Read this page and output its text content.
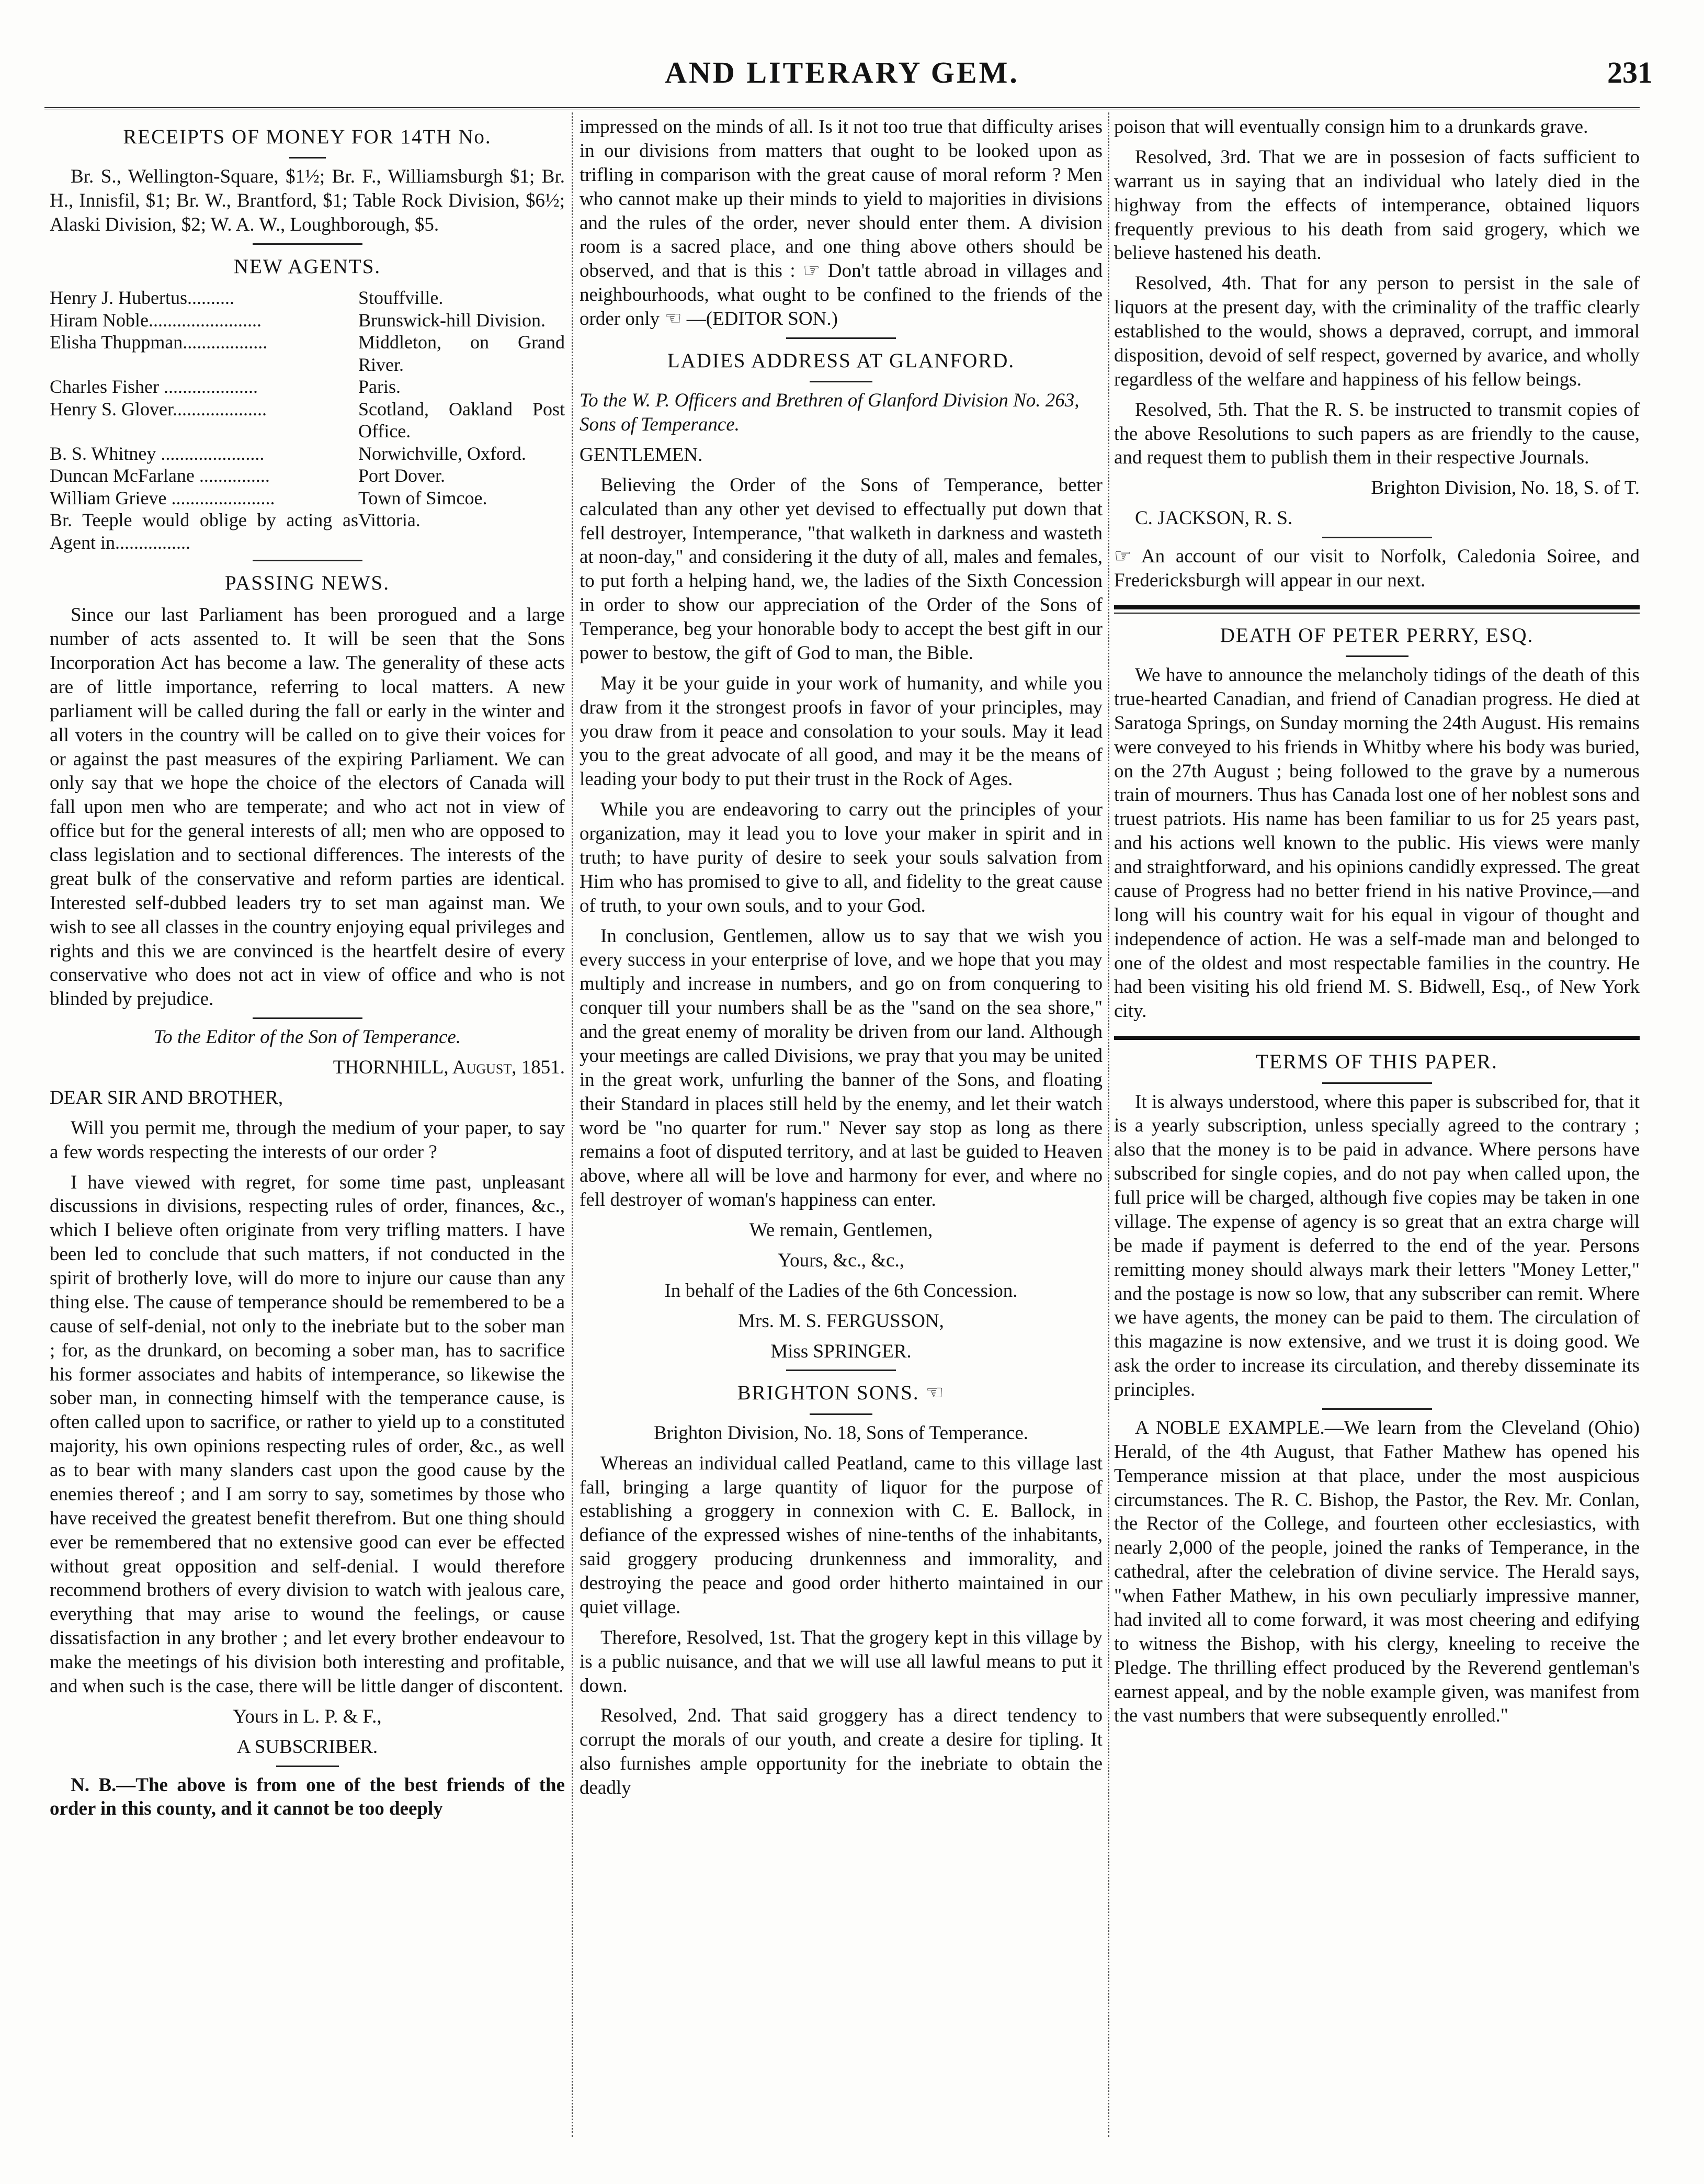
AND LITERARY GEM.	231
RECEIPTS OF MONEY FOR 14TH No.

Br. S., Wellington-Square, $1½; Br. F., Williamsburgh $1; Br. H., Innisfil, $1; Br. W., Brantford, $1; Table Rock Division, $6½; Alaski Division, $2; W. A. W., Loughborough, $5.

NEW AGENTS.
Henry J. Hubertus..........	Stouffville.
Hiram Noble........................	Brunswick-hill Division.
Elisha Thuppman..................	Middleton, on Grand River.
Charles Fisher ....................	Paris.
Henry S. Glover....................	Scotland, Oakland Post Office.
B. S. Whitney ......................	Norwichville, Oxford.
Duncan McFarlane ...............	Port Dover.
William Grieve ......................	Town of Simcoe.
Br. Teeple would oblige by acting as Agent in................	Vittoria.
PASSING NEWS.

Since our last Parliament has been prorogued and a large number of acts assented to. It will be seen that the Sons Incorporation Act has become a law. The generality of these acts are of little importance, referring to local matters. A new parliament will be called during the fall or early in the winter and all voters in the country will be called on to give their voices for or against the past measures of the expiring Parliament. We can only say that we hope the choice of the electors of Canada will fall upon men who are temperate; and who act not in view of office but for the general interests of all; men who are opposed to class legislation and to sectional differences. The interests of the great bulk of the conservative and reform parties are identical. Interested self-dubbed leaders try to set man against man. We wish to see all classes in the country enjoying equal privileges and rights and this we are convinced is the heartfelt desire of every conservative who does not act in view of office and who is not blinded by prejudice.

To the Editor of the Son of Temperance.

THORNHILL, August, 1851.

DEAR SIR AND BROTHER,

Will you permit me, through the medium of your paper, to say a few words respecting the interests of our order ?

I have viewed with regret, for some time past, unpleasant discussions in divisions, respecting rules of order, finances, &c., which I believe often originate from very trifling matters. I have been led to conclude that such matters, if not conducted in the spirit of brotherly love, will do more to injure our cause than any thing else. The cause of temperance should be remembered to be a cause of self-denial, not only to the inebriate but to the sober man ; for, as the drunkard, on becoming a sober man, has to sacrifice his former associates and habits of intemperance, so likewise the sober man, in connecting himself with the temperance cause, is often called upon to sacrifice, or rather to yield up to a constituted majority, his own opinions respecting rules of order, &c., as well as to bear with many slanders cast upon the good cause by the enemies thereof ; and I am sorry to say, sometimes by those who have received the greatest benefit therefrom. But one thing should ever be remembered that no extensive good can ever be effected without great opposition and self-denial. I would therefore recommend brothers of every division to watch with jealous care, everything that may arise to wound the feelings, or cause dissatisfaction in any brother ; and let every brother endeavour to make the meetings of his division both interesting and profitable, and when such is the case, there will be little danger of discontent.

Yours in L. P. & F.,

A SUBSCRIBER.

N. B.—The above is from one of the best friends of the order in this county, and it cannot be too deeply

impressed on the minds of all. Is it not too true that difficulty arises in our divisions from matters that ought to be looked upon as trifling in comparison with the great cause of moral reform ? Men who cannot make up their minds to yield to majorities in divisions and the rules of the order, never should enter them. A division room is a sacred place, and one thing above others should be observed, and that is this : ☞ Don't tattle abroad in villages and neighbourhoods, what ought to be confined to the friends of the order only ☜ —(EDITOR SON.)

LADIES ADDRESS AT GLANFORD.

To the W. P. Officers and Brethren of Glanford Division No. 263, Sons of Temperance.

GENTLEMEN.

Believing the Order of the Sons of Temperance, better calculated than any other yet devised to effectually put down that fell destroyer, Intemperance, "that walketh in darkness and wasteth at noon-day," and considering it the duty of all, males and females, to put forth a helping hand, we, the ladies of the Sixth Concession in order to show our appreciation of the Order of the Sons of Temperance, beg your honorable body to accept the best gift in our power to bestow, the gift of God to man, the Bible.

May it be your guide in your work of humanity, and while you draw from it the strongest proofs in favor of your principles, may you draw from it peace and consolation to your souls. May it lead you to the great advocate of all good, and may it be the means of leading your body to put their trust in the Rock of Ages.

While you are endeavoring to carry out the principles of your organization, may it lead you to love your maker in spirit and in truth; to have purity of desire to seek your souls salvation from Him who has promised to give to all, and fidelity to the great cause of truth, to your own souls, and to your God.

In conclusion, Gentlemen, allow us to say that we wish you every success in your enterprise of love, and we hope that you may multiply and increase in numbers, and go on from conquering to conquer till your numbers shall be as the "sand on the sea shore," and the great enemy of morality be driven from our land. Although your meetings are called Divisions, we pray that you may be united in the great work, unfurling the banner of the Sons, and floating their Standard in places still held by the enemy, and let their watch word be "no quarter for rum." Never say stop as long as there remains a foot of disputed territory, and at last be guided to Heaven above, where all will be love and harmony for ever, and where no fell destroyer of woman's happiness can enter.

We remain, Gentlemen,

Yours, &c., &c.,

In behalf of the Ladies of the 6th Concession.

Mrs. M. S. FERGUSSON,

Miss SPRINGER.

BRIGHTON SONS. ☜

Brighton Division, No. 18, Sons of Temperance.

Whereas an individual called Peatland, came to this village last fall, bringing a large quantity of liquor for the purpose of establishing a groggery in connexion with C. E. Ballock, in defiance of the expressed wishes of nine-tenths of the inhabitants, said groggery producing drunkenness and immorality, and destroying the peace and good order hitherto maintained in our quiet village.

Therefore, Resolved, 1st. That the grogery kept in this village by is a public nuisance, and that we will use all lawful means to put it down.

Resolved, 2nd. That said groggery has a direct tendency to corrupt the morals of our youth, and create a desire for tipling. It also furnishes ample opportunity for the inebriate to obtain the deadly

poison that will eventually consign him to a drunkards grave.

Resolved, 3rd. That we are in possesion of facts sufficient to warrant us in saying that an individual who lately died in the highway from the effects of intemperance, obtained liquors frequently previous to his death from said grogery, which we believe hastened his death.

Resolved, 4th. That for any person to persist in the sale of liquors at the present day, with the criminality of the traffic clearly established to the would, shows a depraved, corrupt, and immoral disposition, devoid of self respect, governed by avarice, and wholly regardless of the welfare and happiness of his fellow beings.

Resolved, 5th. That the R. S. be instructed to transmit copies of the above Resolutions to such papers as are friendly to the cause, and request them to publish them in their respective Journals.

Brighton Division, No. 18, S. of T.

C. JACKSON, R. S.

☞ An account of our visit to Norfolk, Caledonia Soiree, and Fredericksburgh will appear in our next.

DEATH OF PETER PERRY, ESQ.

We have to announce the melancholy tidings of the death of this true-hearted Canadian, and friend of Canadian progress. He died at Saratoga Springs, on Sunday morning the 24th August. His remains were conveyed to his friends in Whitby where his body was buried, on the 27th August ; being followed to the grave by a numerous train of mourners. Thus has Canada lost one of her noblest sons and truest patriots. His name has been familiar to us for 25 years past, and his actions well known to the public. His views were manly and straightforward, and his opinions candidly expressed. The great cause of Progress had no better friend in his native Province,—and long will his country wait for his equal in vigour of thought and independence of action. He was a self-made man and belonged to one of the oldest and most respectable families in the country. He had been visiting his old friend M. S. Bidwell, Esq., of New York city.

TERMS OF THIS PAPER.

It is always understood, where this paper is subscribed for, that it is a yearly subscription, unless specially agreed to the contrary ; also that the money is to be paid in advance. Where persons have subscribed for single copies, and do not pay when called upon, the full price will be charged, although five copies may be taken in one village. The expense of agency is so great that an extra charge will be made if payment is deferred to the end of the year. Persons remitting money should always mark their letters "Money Letter," and the postage is now so low, that any subscriber can remit. Where we have agents, the money can be paid to them. The circulation of this magazine is now extensive, and we trust it is doing good. We ask the order to increase its circulation, and thereby disseminate its principles.

A NOBLE EXAMPLE.—We learn from the Cleveland (Ohio) Herald, of the 4th August, that Father Mathew has opened his Temperance mission at that place, under the most auspicious circumstances. The R. C. Bishop, the Pastor, the Rev. Mr. Conlan, the Rector of the College, and fourteen other ecclesiastics, with nearly 2,000 of the people, joined the ranks of Temperance, in the cathedral, after the celebration of divine service. The Herald says, "when Father Mathew, in his own peculiarly impressive manner, had invited all to come forward, it was most cheering and edifying to witness the Bishop, with his clergy, kneeling to receive the Pledge. The thrilling effect produced by the Reverend gentleman's earnest appeal, and by the noble example given, was manifest from the vast numbers that were subsequently enrolled."
